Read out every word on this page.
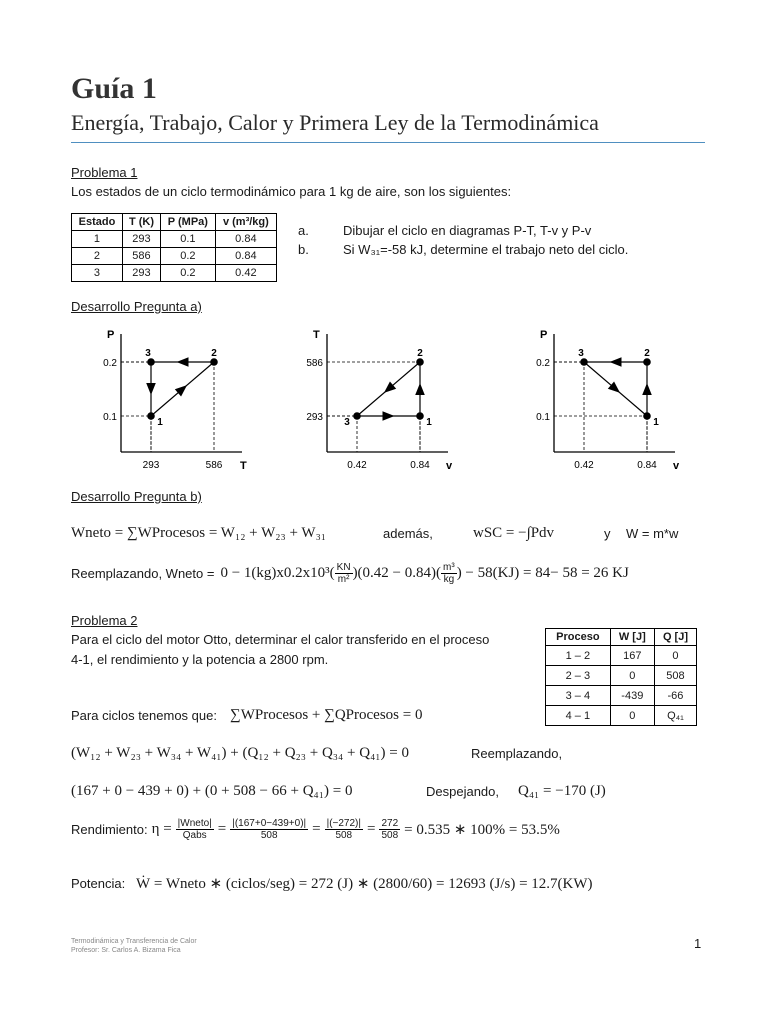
Guía 1
Energía, Trabajo, Calor y Primera Ley de la Termodinámica
Problema 1
Los estados de un ciclo termodinámico para 1 kg de aire, son los siguientes:
Estado	T (K)	P (MPa)	v (m³/kg)
1	293	0.1	0.84
2	586	0.2	0.84
3	293	0.2	0.42
a.	Dibujar el ciclo en diagramas P-T, T-v y P-v
b.	Si W₃₁=-58 kJ, determine el trabajo neto del ciclo.
Desarrollo Pregunta a)
P
T
0.2
0.1
293	586
1
2
3
T
v
586
293
0.42	0.84
1
2
3
P
v
0.2
0.1
0.42	0.84
1
2
3
Desarrollo Pregunta b)
Wneto = ∑WProcesos = W₁₂ + W₂₃ + W₃₁	además,	wSC = −∫Pdv	y W = m*w
Reemplazando, Wneto = $0 - 1(kg)x0.2x10^3( \frac{KN}{\text{m²}} )(0.42 - 0.84)( \frac{\text{m³}}{kg}$ ) − 58(KJ) = 84− 58 = 26 KJ
Problema 2
Para el ciclo del motor Otto, determinar el calor transferido en el proceso
4-1, el rendimiento y la potencia a 2800 rpm.
Proceso	W [J]	Q [J]
1 – 2	167	0
2 – 3	0	508
3 – 4	-439	-66
4 – 1	0	Q₄₁
Para ciclos tenemos que: ∑WProcesos + ∑QProcesos = 0
(W₁₂ + W₂₃ + W₃₄ + W₄₁) + (Q₁₂ + Q₂₃ + Q₃₄ + Q₄₁) = 0	Reemplazando,
(167 + 0 − 439 + 0) + (0 + 508 − 66 + Q₄₁) = 0	Despejando, Q₄₁ = −170 (J)
Rendimiento: $\eta = \frac{\text{|Wneto|}}{\text{Qabs}} = \frac{|(167+0-439+0)|}{508} = \frac{|(-272)|}{508} = \frac{272}{508} = 0.535$ ∗ 100% = 53.5%
Potencia: Ẇ = Wneto ∗ (ciclos/seg) = 272 (J) ∗ (2800/60) = 12693 (J/s) = 12.7(KW)
Termodinámica y Transferencia de Calor
Profesor: Sr. Carlos A. Bizama Fica	1
